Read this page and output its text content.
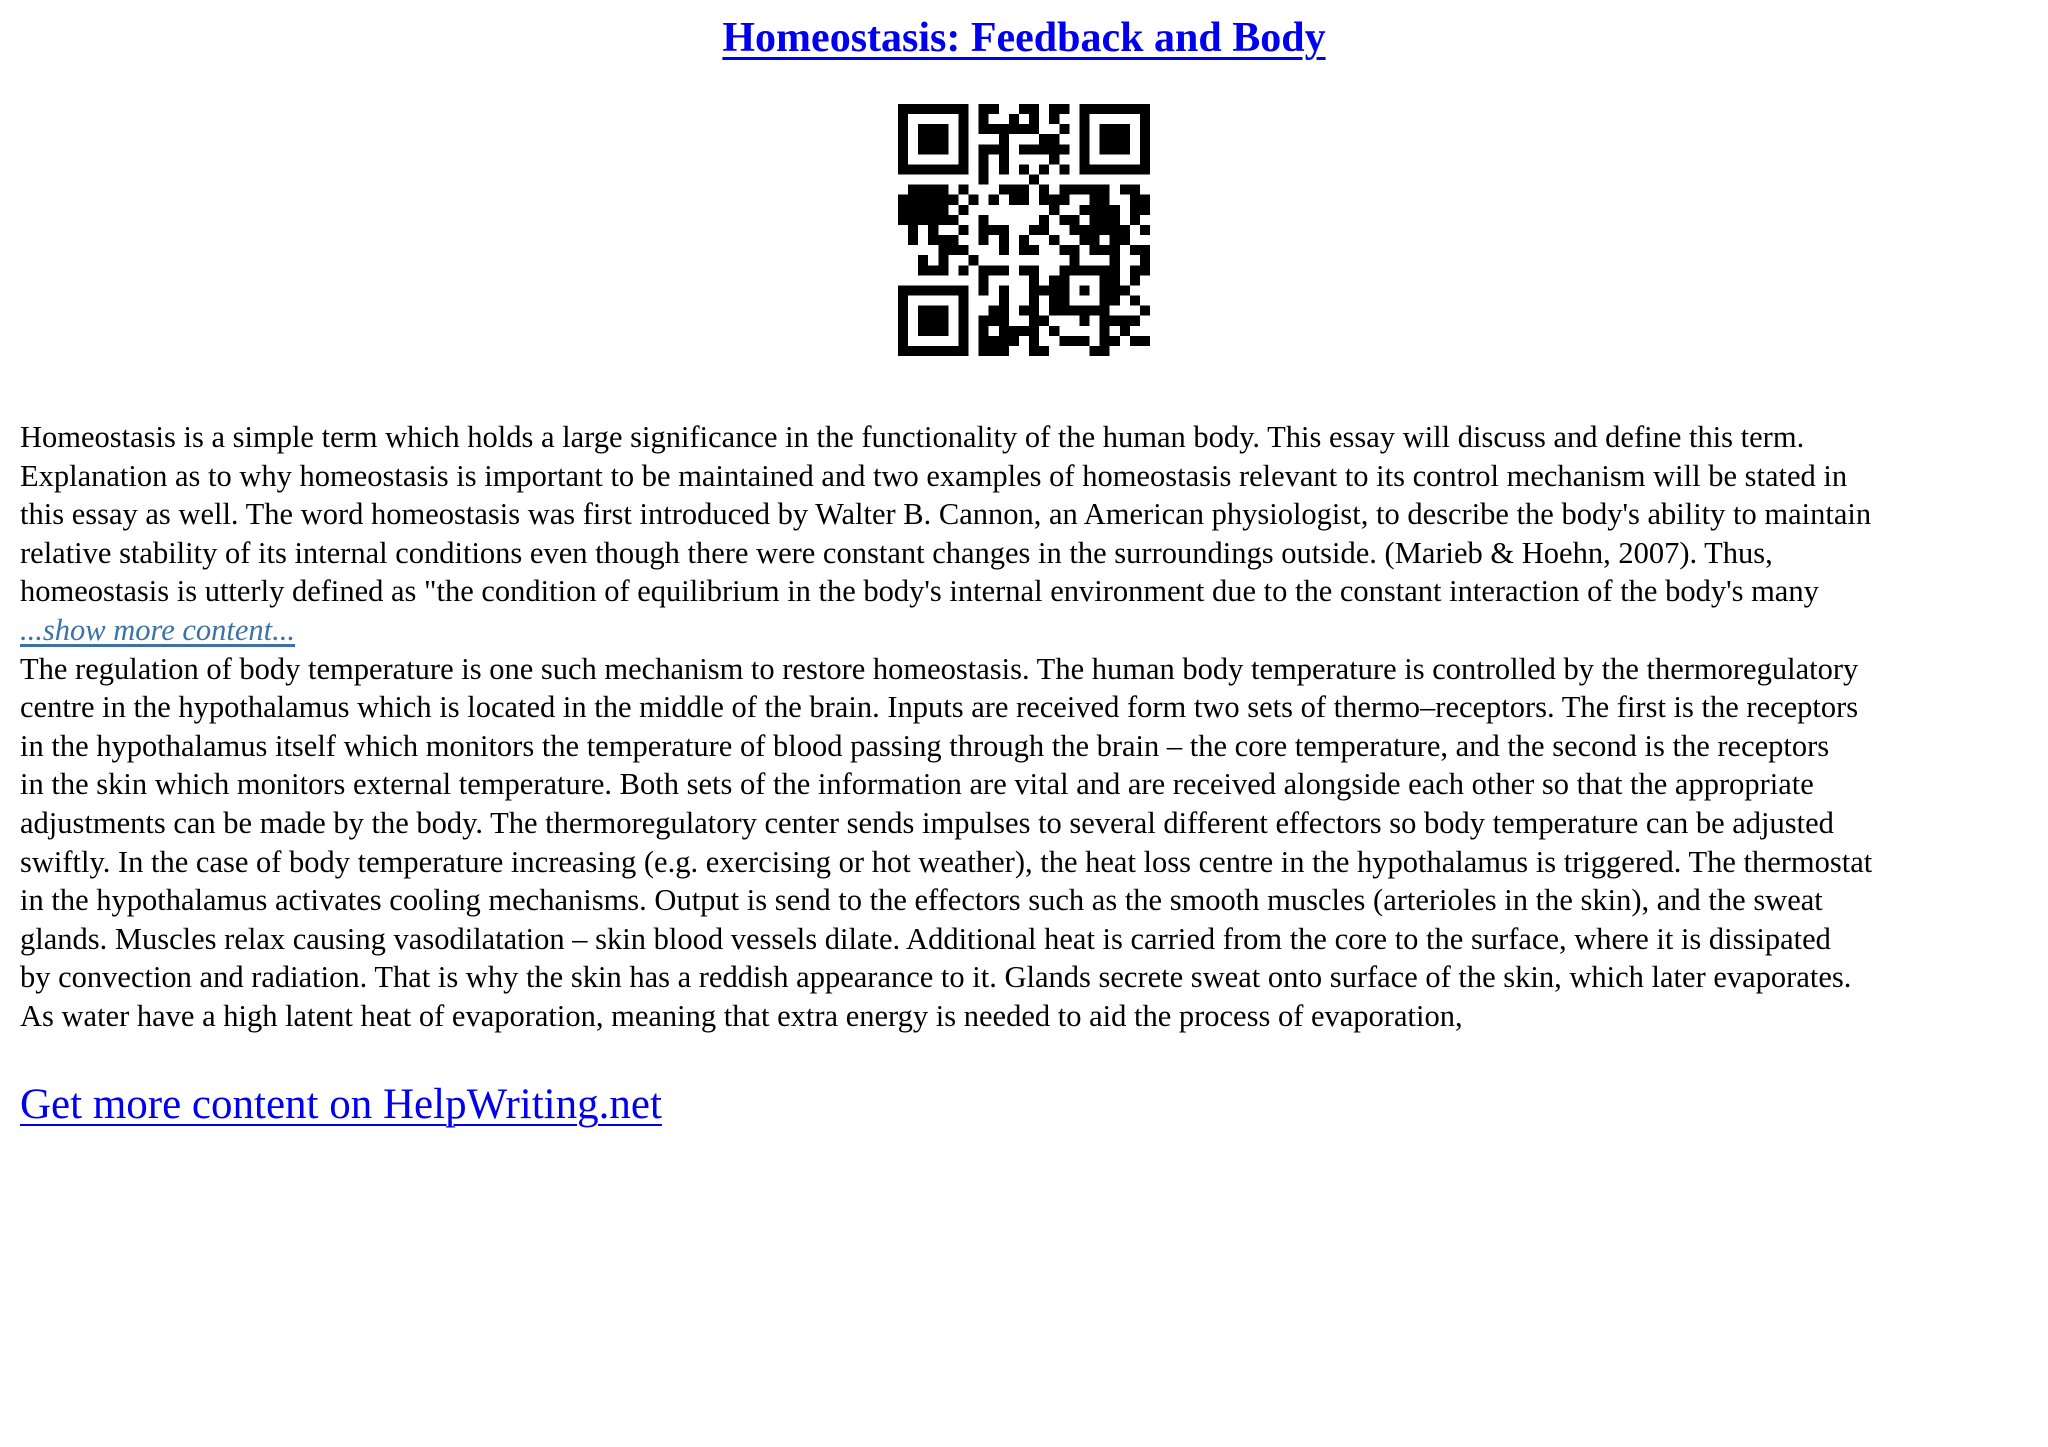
Homeostasis: Feedback and Body
Homeostasis is a simple term which holds a large significance in the functionality of the human body. This essay will discuss and define this term.
Explanation as to why homeostasis is important to be maintained and two examples of homeostasis relevant to its control mechanism will be stated in
this essay as well. The word homeostasis was first introduced by Walter B. Cannon, an American physiologist, to describe the body's ability to maintain
relative stability of its internal conditions even though there were constant changes in the surroundings outside. (Marieb & Hoehn, 2007). Thus,
homeostasis is utterly defined as "the condition of equilibrium in the body's internal environment due to the constant interaction of the body's many
...show more content...
The regulation of body temperature is one such mechanism to restore homeostasis. The human body temperature is controlled by the thermoregulatory
centre in the hypothalamus which is located in the middle of the brain. Inputs are received form two sets of thermo–receptors. The first is the receptors
in the hypothalamus itself which monitors the temperature of blood passing through the brain – the core temperature, and the second is the receptors
in the skin which monitors external temperature. Both sets of the information are vital and are received alongside each other so that the appropriate
adjustments can be made by the body. The thermoregulatory center sends impulses to several different effectors so body temperature can be adjusted
swiftly. In the case of body temperature increasing (e.g. exercising or hot weather), the heat loss centre in the hypothalamus is triggered. The thermostat
in the hypothalamus activates cooling mechanisms. Output is send to the effectors such as the smooth muscles (arterioles in the skin), and the sweat
glands. Muscles relax causing vasodilatation – skin blood vessels dilate. Additional heat is carried from the core to the surface, where it is dissipated
by convection and radiation. That is why the skin has a reddish appearance to it. Glands secrete sweat onto surface of the skin, which later evaporates.
As water have a high latent heat of evaporation, meaning that extra energy is needed to aid the process of evaporation,
Get more content on HelpWriting.net
